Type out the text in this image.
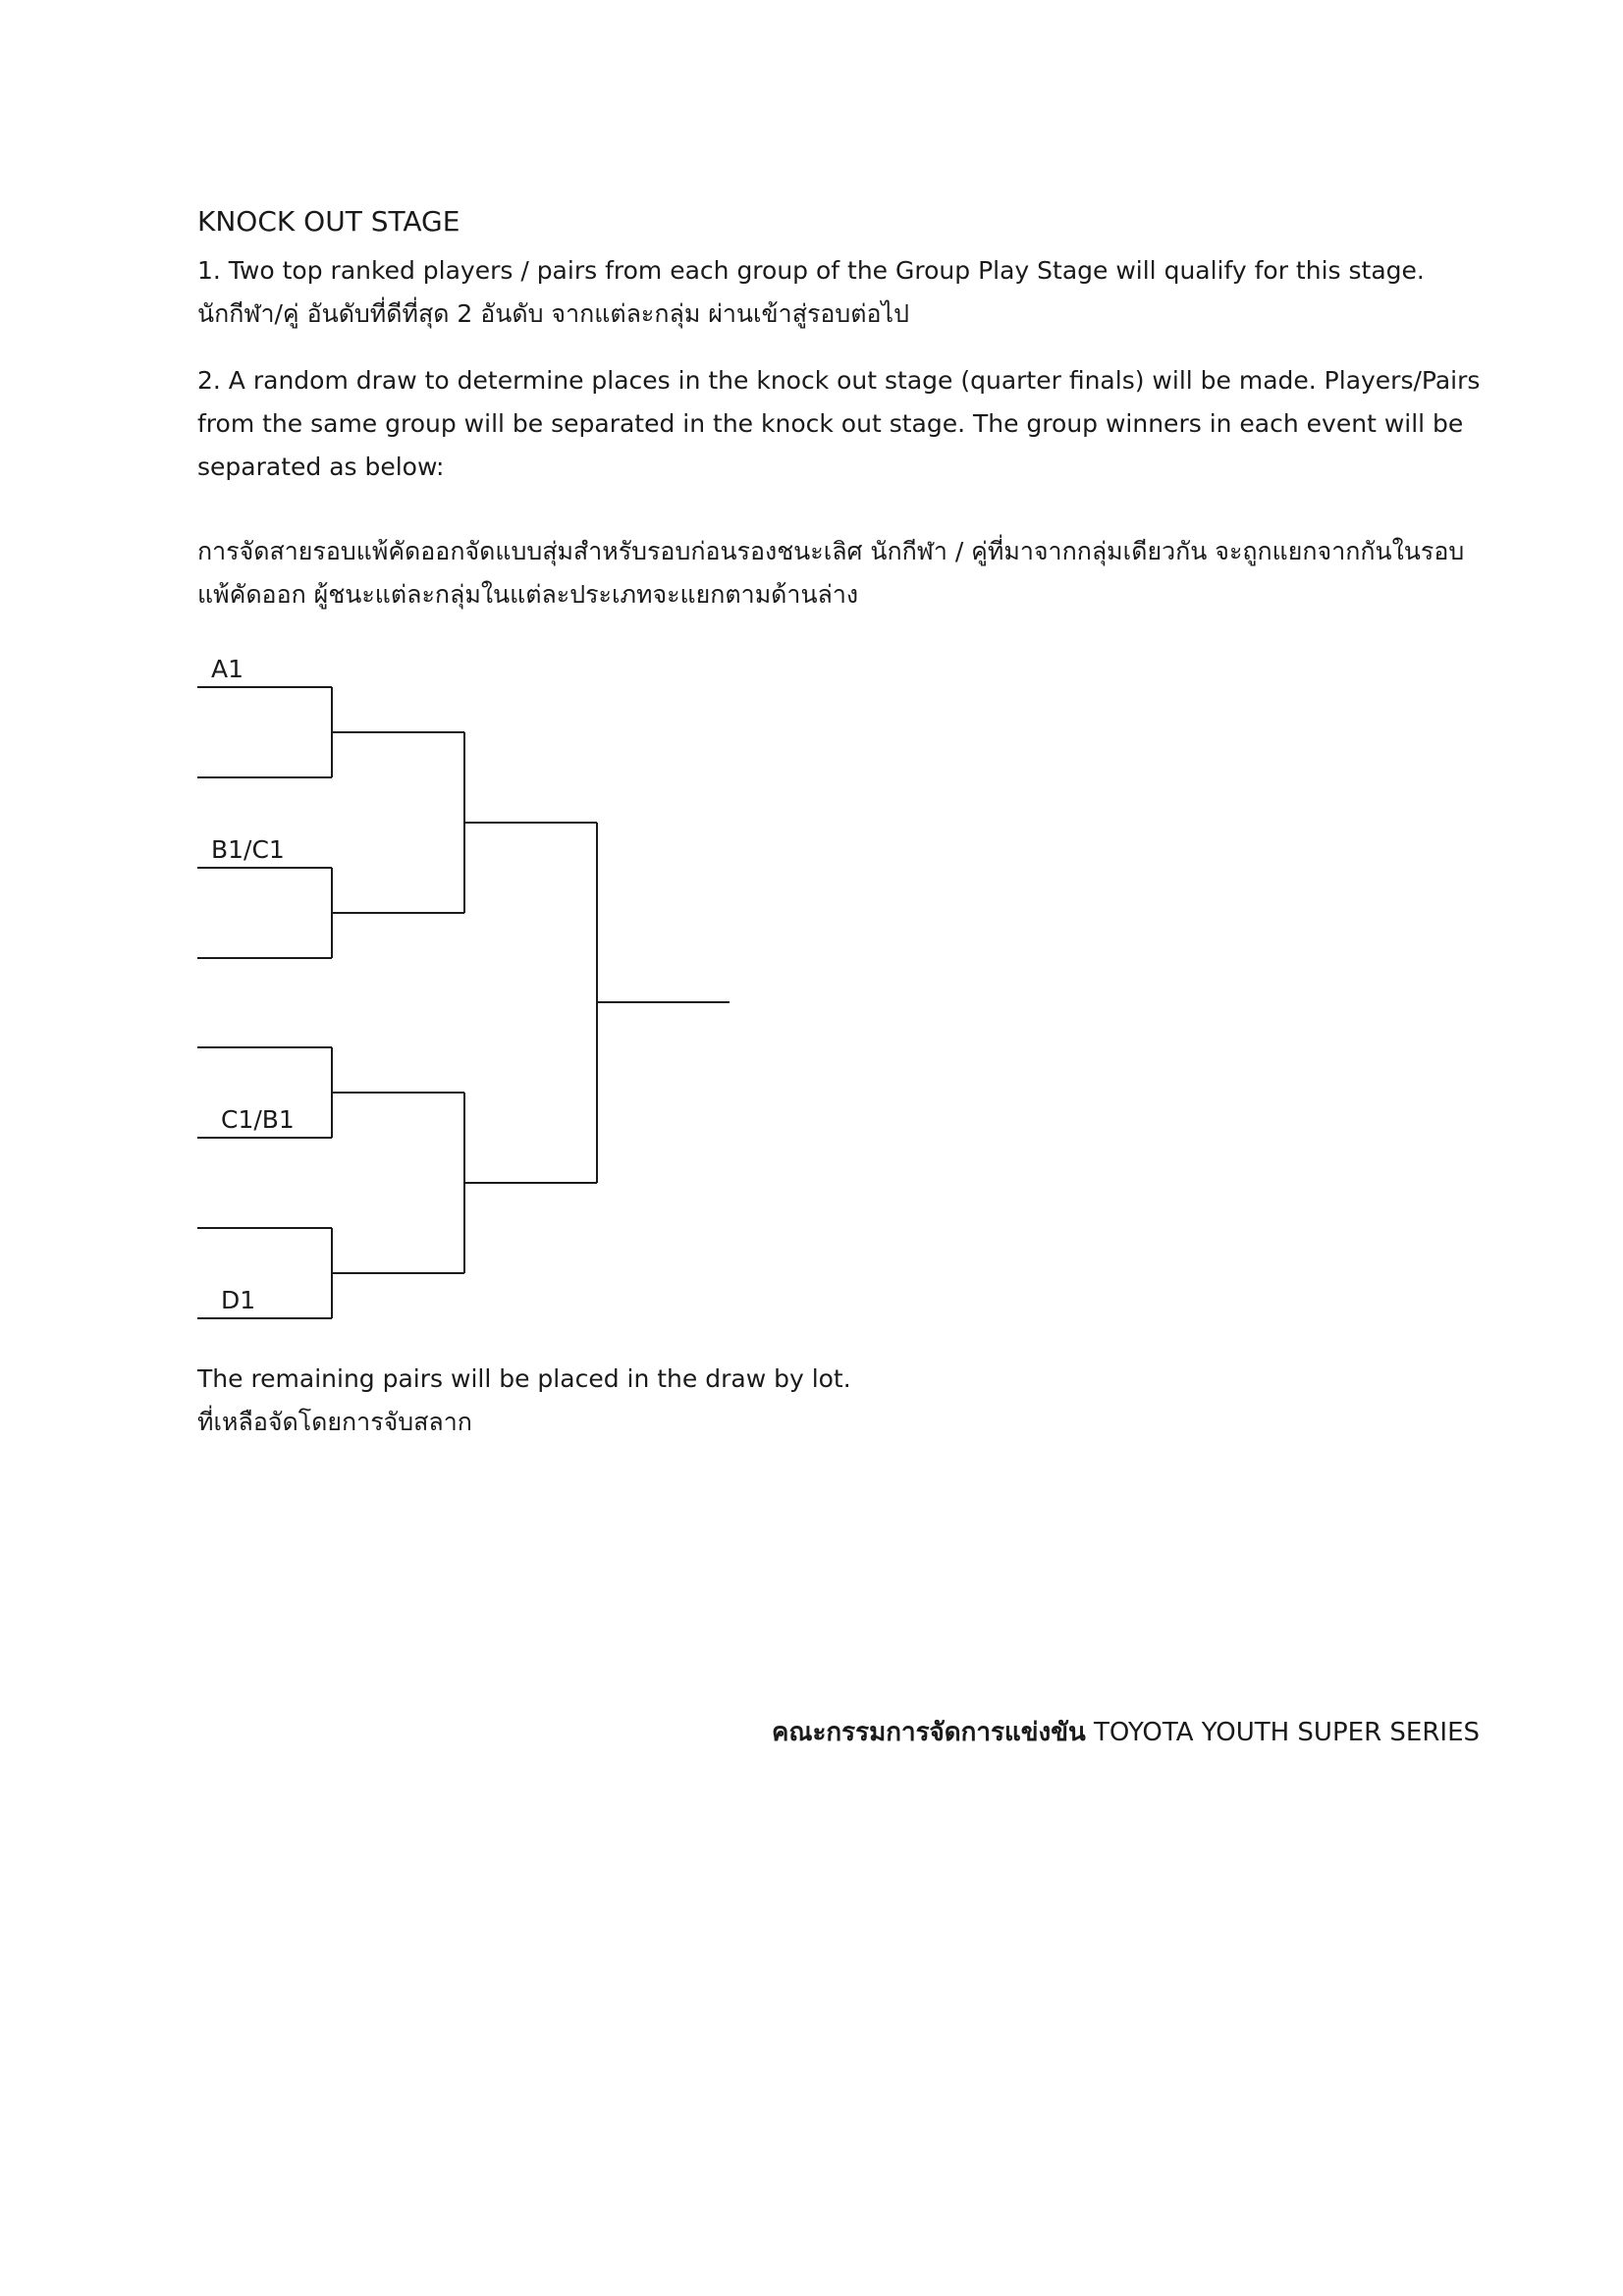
KNOCK OUT STAGE
1. Two top ranked players / pairs from each group of the Group Play Stage will qualify for this stage.
นักกีฬา/คู่ อันดับที่ดีที่สุด 2 อันดับ จากแต่ละกลุ่ม ผ่านเข้าสู่รอบต่อไป
2. A random draw to determine places in the knock out stage (quarter finals) will be made. Players/Pairs from the same group will be separated in the knock out stage. The group winners in each event will be separated as below:
การจัดสายรอบแพ้คัดออกจัดแบบสุ่มสำหรับรอบก่อนรองชนะเลิศ นักกีฬา / คู่ที่มาจากกลุ่มเดียวกัน จะถูกแยกจากกันในรอบแพ้คัดออก ผู้ชนะแต่ละกลุ่มในแต่ละประเภทจะแยกตามด้านล่าง
A1
B1/C1
C1/B1
D1
The remaining pairs will be placed in the draw by lot.
ที่เหลือจัดโดยการจับสลาก
คณะกรรมการจัดการแข่งขัน TOYOTA YOUTH SUPER SERIES
